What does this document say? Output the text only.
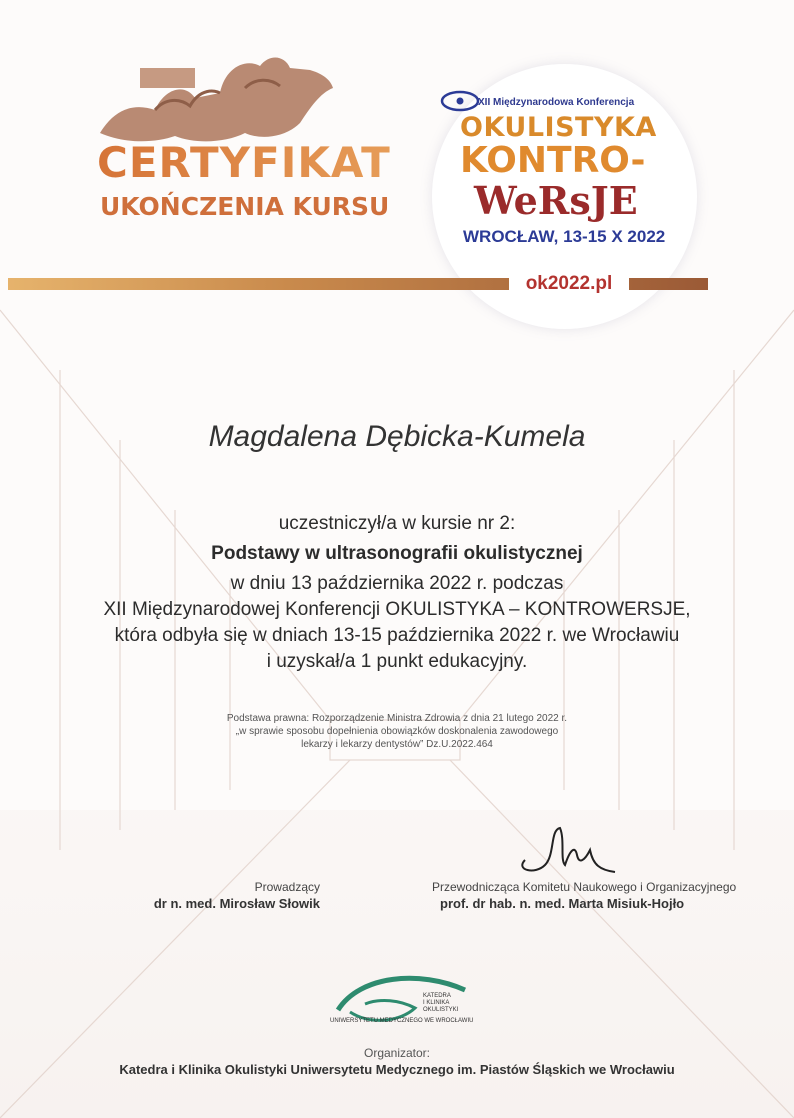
CERTYFIKAT
UKOŃCZENIA KURSU
XII Międzynarodowa Konferencja
OKULISTYKA
KONTRO-
WeRsJE
WROCŁAW, 13-15 X 2022
ok2022.pl
Magdalena Dębicka-Kumela
uczestniczył/a w kursie nr 2:
Podstawy w ultrasonografii okulistycznej
w dniu 13 października 2022 r. podczas
XII Międzynarodowej Konferencji OKULISTYKA – KONTROWERSJE,
która odbyła się w dniach 13-15 października 2022 r. we Wrocławiu
i uzyskał/a 1 punkt edukacyjny.
Podstawa prawna: Rozporządzenie Ministra Zdrowia z dnia 21 lutego 2022 r.
„w sprawie sposobu dopełnienia obowiązków doskonalenia zawodowego
lekarzy i lekarzy dentystów” Dz.U.2022.464
Prowadzący
dr n. med. Mirosław Słowik
Przewodnicząca Komitetu Naukowego i Organizacyjnego
prof. dr hab. n. med. Marta Misiuk-Hojło
KATEDRA
I KLINIKA
OKULISTYKI
UNIWERSYTETU MEDYCZNEGO WE WROCŁAWIU
Organizator:
Katedra i Klinika Okulistyki Uniwersytetu Medycznego im. Piastów Śląskich we Wrocławiu
